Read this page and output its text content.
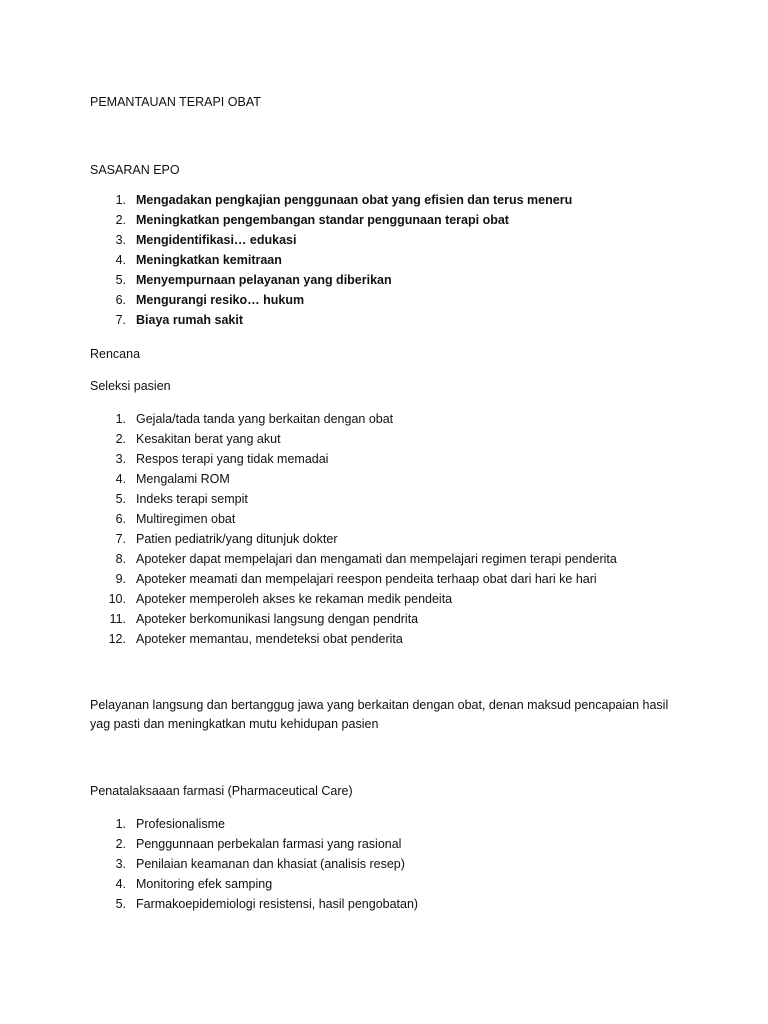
PEMANTAUAN TERAPI OBAT

SASARAN EPO

1. Mengadakan pengkajian penggunaan obat yang efisien dan terus meneru
2. Meningkatkan pengembangan standar penggunaan terapi obat
3. Mengidentifikasi… edukasi
4. Meningkatkan kemitraan
5. Menyempurnaan pelayanan yang diberikan
6. Mengurangi resiko… hukum
7. Biaya rumah sakit

Rencana

Seleksi pasien

1. Gejala/tada tanda yang berkaitan dengan obat
2. Kesakitan berat yang akut
3. Respos terapi yang tidak memadai
4. Mengalami ROM
5. Indeks terapi sempit
6. Multiregimen obat
7. Patien pediatrik/yang ditunjuk dokter
8. Apoteker dapat mempelajari dan mengamati dan mempelajari regimen terapi penderita
9. Apoteker meamati dan mempelajari reespon pendeita terhaap obat dari hari ke hari
10. Apoteker memperoleh akses ke rekaman medik pendeita
11. Apoteker berkomunikasi langsung dengan pendrita
12. Apoteker memantau, mendeteksi obat penderita

Pelayanan langsung dan bertanggug jawa yang berkaitan dengan obat, denan maksud pencapaian hasil yag pasti dan meningkatkan mutu kehidupan pasien

Penatalaksaaan farmasi (Pharmaceutical Care)

1. Profesionalisme
2. Penggunnaan perbekalan farmasi yang rasional
3. Penilaian keamanan dan khasiat (analisis resep)
4. Monitoring efek samping
5. Farmakoepidemiologi resistensi, hasil pengobatan)
